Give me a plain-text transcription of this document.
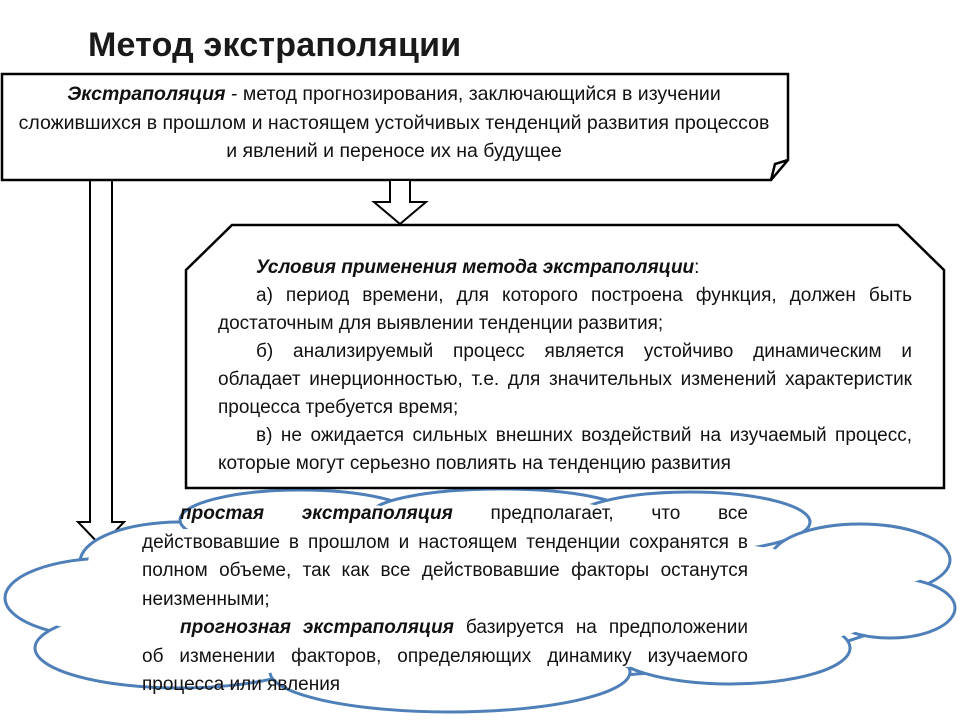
Метод экстраполяции
Экстраполяция - метод прогнозирования, заключающийся в изучении сложившихся в прошлом и настоящем устойчивых тенденций развития процессов и явлений и переносе их на будущее

Условия применения метода экстраполяции:

а) период времени, для которого построена функция, должен быть достаточным для выявлении тенденции развития;

б) анализируемый процесс является устойчиво динамическим и обладает инерционностью, т.е. для значительных изменений характеристик процесса требуется время;

в) не ожидается сильных внешних воздействий на изучаемый процесс, которые могут серьезно повлиять на тенденцию развития

простая экстраполяция предполагает, что все действовавшие в прошлом и настоящем тенденции сохранятся в полном объеме, так как все действовавшие факторы останутся неизменными;

прогнозная экстраполяция базируется на предположении об изменении факторов, определяющих динамику изучаемого процесса или явления
